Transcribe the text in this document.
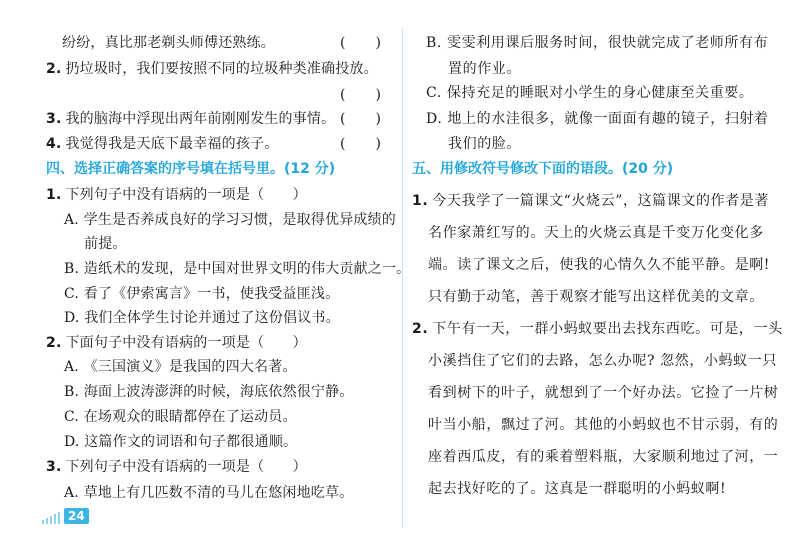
纷纷，真比那老剃头师傅还熟练。	( )
2. 扔垃圾时，我们要按照不同的垃圾种类准确投放。
( )
3. 我的脑海中浮现出两年前刚刚发生的事情。 ( )
4. 我觉得我是天底下最幸福的孩子。	( )
四、选择正确答案的序号填在括号里。(12 分)
1. 下列句子中没有语病的一项是（　　）
A. 学生是否养成良好的学习习惯，是取得优异成绩的
前提。
B. 造纸术的发现，是中国对世界文明的伟大贡献之一。
C. 看了《伊索寓言》一书，使我受益匪浅。
D. 我们全体学生讨论并通过了这份倡议书。
2. 下面句子中没有语病的一项是（　　）
A. 《三国演义》是我国的四大名著。
B. 海面上波涛澎湃的时候，海底依然很宁静。
C. 在场观众的眼睛都停在了运动员。
D. 这篇作文的词语和句子都很通顺。
3. 下列句子中没有语病的一项是（　　）
A. 草地上有几匹数不清的马儿在悠闲地吃草。
24
B. 雯雯利用课后服务时间，很快就完成了老师所有布
置的作业。
C. 保持充足的睡眠对小学生的身心健康至关重要。
D. 地上的水洼很多，就像一面面有趣的镜子，扫射着
我们的脸。
五、用修改符号修改下面的语段。(20 分)
1. 今天我学了一篇课文“火烧云”，这篇课文的作者是著
名作家萧红写的。天上的火烧云真是千变万化变化多
端。读了课文之后，使我的心情久久不能平静。是啊!
只有勤于动笔，善于观察才能写出这样优美的文章。
2. 下午有一天，一群小蚂蚁要出去找东西吃。可是，一头
小溪挡住了它们的去路，怎么办呢? 忽然，小蚂蚁一只
看到树下的叶子，就想到了一个好办法。它捡了一片树
叶当小船，飘过了河。其他的小蚂蚁也不甘示弱，有的
座着西瓜皮，有的乘着塑料瓶，大家顺利地过了河，一
起去找好吃的了。这真是一群聪明的小蚂蚁啊!
